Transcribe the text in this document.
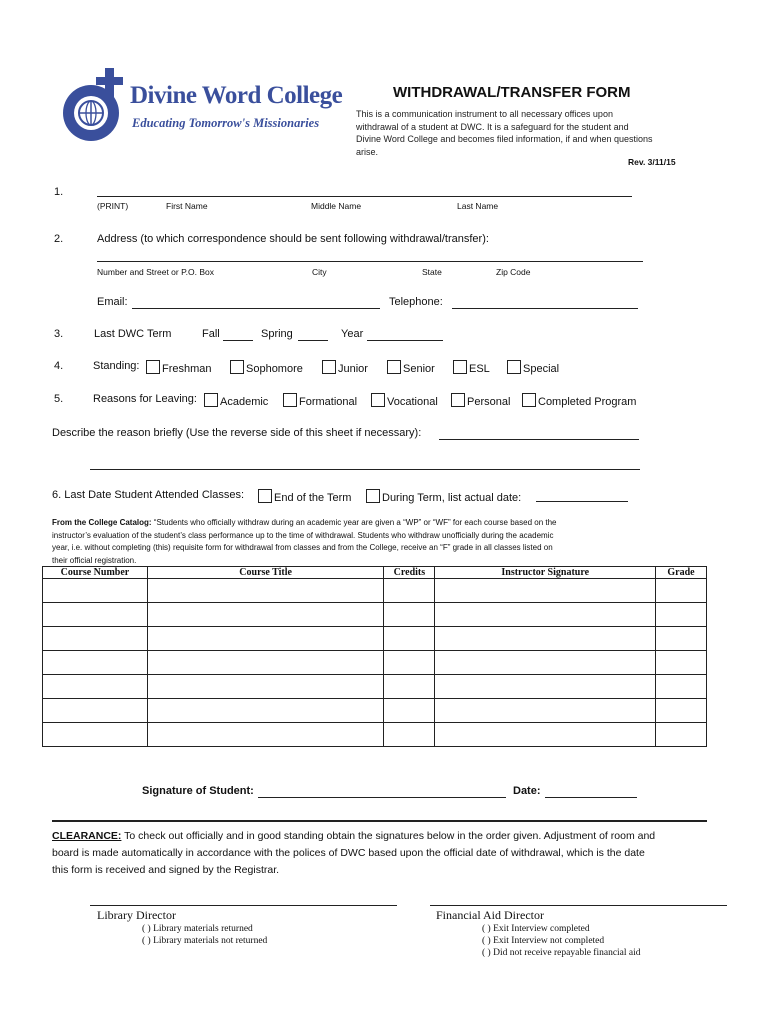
Divine Word College
Educating Tomorrow's Missionaries
WITHDRAWAL/TRANSFER FORM
This is a communication instrument to all necessary offices upon withdrawal of a student at DWC. It is a safeguard for the student and Divine Word College and becomes filed information, if and when questions arise.
Rev. 3/11/15
1.
(PRINT)	First Name	Middle Name	Last Name
2.	Address (to which correspondence should be sent following withdrawal/transfer):
Number and Street or P.O. Box	City	State	Zip Code
Email:	Telephone:
3.	Last DWC Term	Fall	Spring	Year
4.	Standing:	Freshman	Sophomore	Junior	Senior	ESL	Special
5.	Reasons for Leaving:	Academic	Formational	Vocational	Personal	Completed Program
Describe the reason briefly (Use the reverse side of this sheet if necessary):
6. Last Date Student Attended Classes:	End of the Term	During Term, list actual date:
From the College Catalog: “Students who officially withdraw during an academic year are given a “WP” or “WF” for each course based on the
instructor’s evaluation of the student’s class performance up to the time of withdrawal. Students who withdraw unofficially during the academic
year, i.e. without completing (this) requisite form for withdrawal from classes and from the College, receive an “F” grade in all classes listed on
their official registration.
Course Number	Course Title	Credits	Instructor Signature	Grade

Signature of Student:	Date:
CLEARANCE: To check out officially and in good standing obtain the signatures below in the order given. Adjustment of room and
board is made automatically in accordance with the polices of DWC based upon the official date of withdrawal, which is the date
this form is received and signed by the Registrar.
Library Director
( ) Library materials returned
( ) Library materials not returned
Financial Aid Director
( ) Exit Interview completed
( ) Exit Interview not completed
( ) Did not receive repayable financial aid
